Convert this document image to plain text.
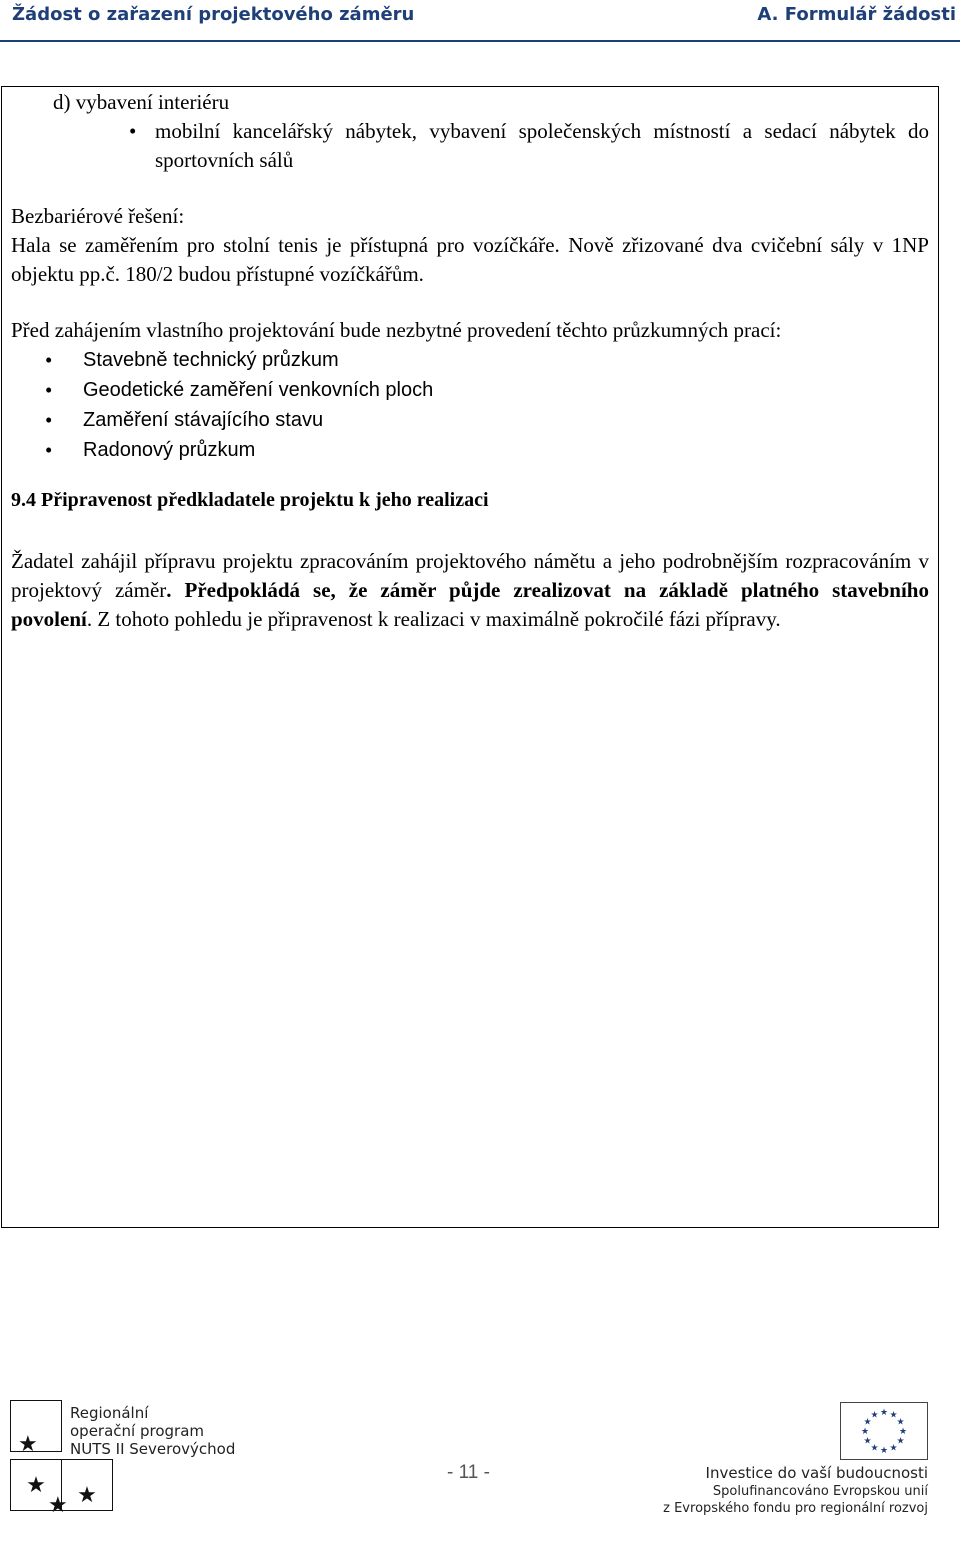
Žádost o zařazení projektového záměru	A. Formulář žádosti

d) vybavení interiéru

• mobilní kancelářský nábytek, vybavení společenských místností a sedací nábytek do sportovních sálů

Bezbariérové řešení:

Hala se zaměřením pro stolní tenis je přístupná pro vozíčkáře. Nově zřizované dva cvičební sály v 1NP objektu pp.č. 180/2 budou přístupné vozíčkářům.

Před zahájením vlastního projektování bude nezbytné provedení těchto průzkumných prací:

• Stavebně technický průzkum
• Geodetické zaměření venkovních ploch
• Zaměření stávajícího stavu
• Radonový průzkum

9.4 Připravenost předkladatele projektu k jeho realizaci

Žadatel zahájil přípravu projektu zpracováním projektového námětu a jeho podrobnějším rozpracováním v projektový záměr. Předpokládá se, že záměr půjde zrealizovat na základě platného stavebního povolení. Z tohoto pohledu je připravenost k realizaci v maximálně pokročilé fázi přípravy.

★
★	★
★
Regionální
operační program
NUTS II Severovýchod
- 11 -
★ ★
★
★
★
★
★
★
★
★
★
★
Investice do vaší budoucnosti
Spolufinancováno Evropskou unií
z Evropského fondu pro regionální rozvoj
